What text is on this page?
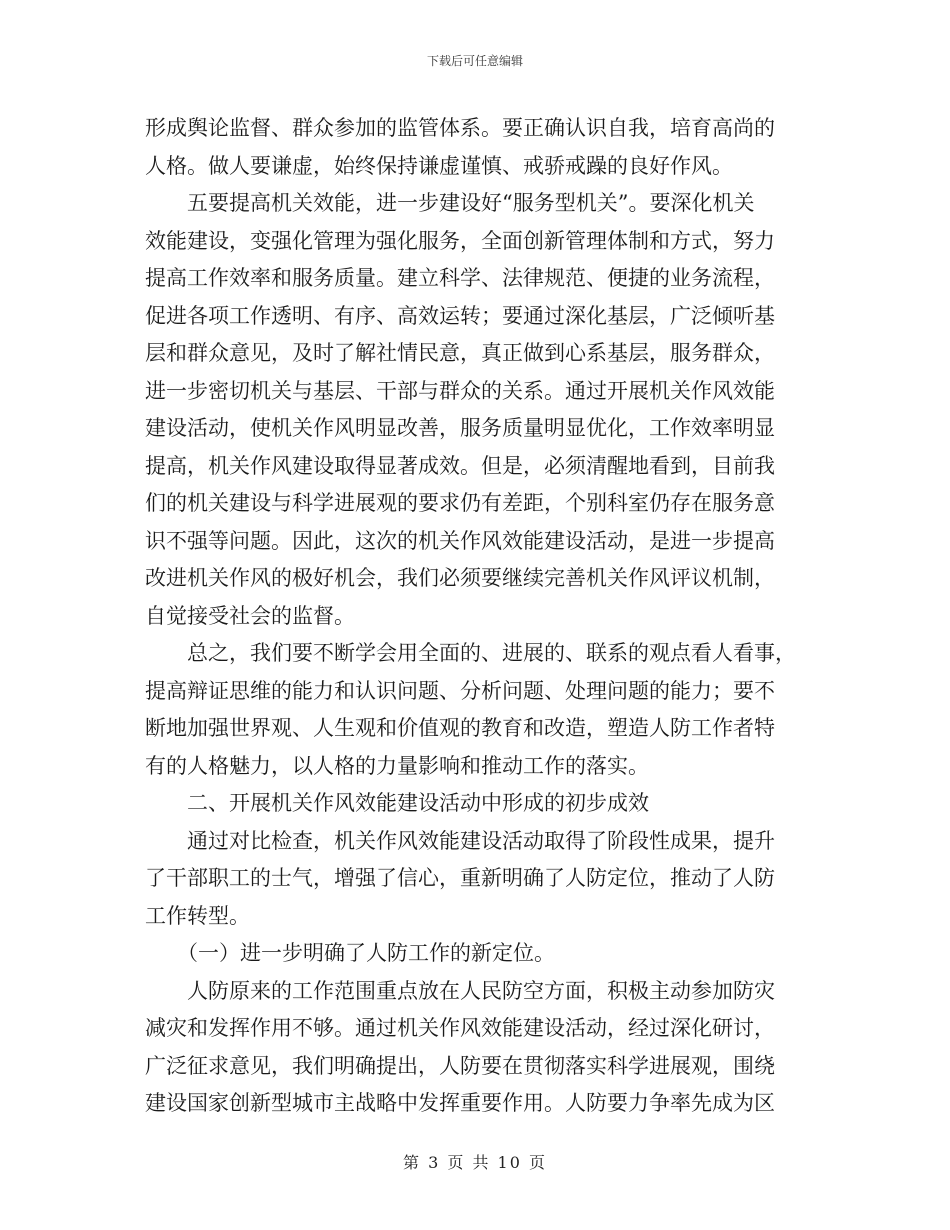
下载后可任意编辑
形成舆论监督、群众参加的监管体系。要正确认识自我，培育高尚的
人格。做人要谦虚，始终保持谦虚谨慎、戒骄戒躁的良好作风。
五要提高机关效能，进一步建设好“服务型机关”。要深化机关
效能建设，变强化管理为强化服务，全面创新管理体制和方式，努力
提高工作效率和服务质量。建立科学、法律规范、便捷的业务流程，
促进各项工作透明、有序、高效运转；要通过深化基层，广泛倾听基
层和群众意见，及时了解社情民意，真正做到心系基层，服务群众，
进一步密切机关与基层、干部与群众的关系。通过开展机关作风效能
建设活动，使机关作风明显改善，服务质量明显优化，工作效率明显
提高，机关作风建设取得显著成效。但是，必须清醒地看到，目前我
们的机关建设与科学进展观的要求仍有差距，个别科室仍存在服务意
识不强等问题。因此，这次的机关作风效能建设活动，是进一步提高
改进机关作风的极好机会，我们必须要继续完善机关作风评议机制，
自觉接受社会的监督。
总之，我们要不断学会用全面的、进展的、联系的观点看人看事，
提高辩证思维的能力和认识问题、分析问题、处理问题的能力；要不
断地加强世界观、人生观和价值观的教育和改造，塑造人防工作者特
有的人格魅力，以人格的力量影响和推动工作的落实。
二、开展机关作风效能建设活动中形成的初步成效
通过对比检查，机关作风效能建设活动取得了阶段性成果，提升
了干部职工的士气，增强了信心，重新明确了人防定位，推动了人防
工作转型。
（一）进一步明确了人防工作的新定位。
人防原来的工作范围重点放在人民防空方面，积极主动参加防灾
减灾和发挥作用不够。通过机关作风效能建设活动，经过深化研讨，
广泛征求意见，我们明确提出，人防要在贯彻落实科学进展观，围绕
建设国家创新型城市主战略中发挥重要作用。人防要力争率先成为区
第 3 页 共 10 页
